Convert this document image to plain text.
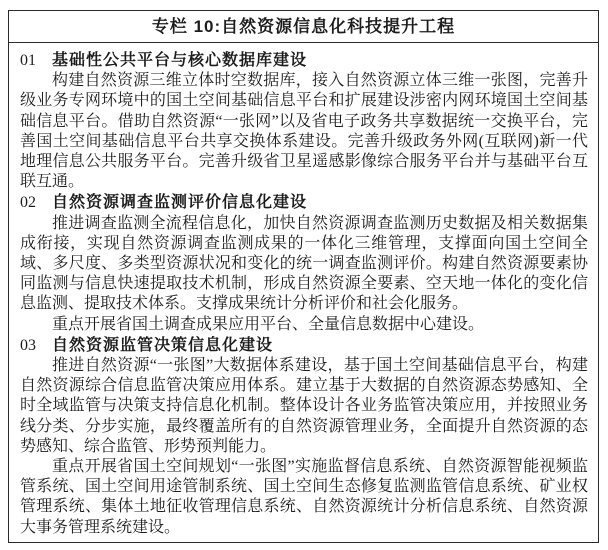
专栏 10:自然资源信息化科技提升工程
01 基础性公共平台与核心数据库建设

构建自然资源三维立体时空数据库，接入自然资源立体三维一张图，完善升级业务专网环境中的国土空间基础信息平台和扩展建设涉密内网环境国土空间基础信息平台。借助自然资源“一张网”以及省电子政务共享数据统一交换平台，完善国土空间基础信息平台共享交换体系建设。完善升级政务外网(互联网)新一代地理信息公共服务平台。完善升级省卫星遥感影像综合服务平台并与基础平台互联互通。

02 自然资源调查监测评价信息化建设

推进调查监测全流程信息化，加快自然资源调查监测历史数据及相关数据集成衔接，实现自然资源调查监测成果的一体化三维管理，支撑面向国土空间全域、多尺度、多类型资源状况和变化的统一调查监测评价。构建自然资源要素协同监测与信息快速提取技术机制，形成自然资源全要素、空天地一体化的变化信息监测、提取技术体系。支撑成果统计分析评价和社会化服务。

重点开展省国土调查成果应用平台、全量信息数据中心建设。

03 自然资源监管决策信息化建设

推进自然资源“一张图”大数据体系建设，基于国土空间基础信息平台，构建自然资源综合信息监管决策应用体系。建立基于大数据的自然资源态势感知、全时全域监管与决策支持信息化机制。整体设计各业务监管决策应用，并按照业务线分类、分步实施，最终覆盖所有的自然资源管理业务，全面提升自然资源的态势感知、综合监管、形势预判能力。

重点开展省国土空间规划“一张图”实施监督信息系统、自然资源智能视频监管系统、国土空间用途管制系统、国土空间生态修复监测监管信息系统、矿业权管理系统、集体土地征收管理信息系统、自然资源统计分析信息系统、自然资源大事务管理系统建设。
